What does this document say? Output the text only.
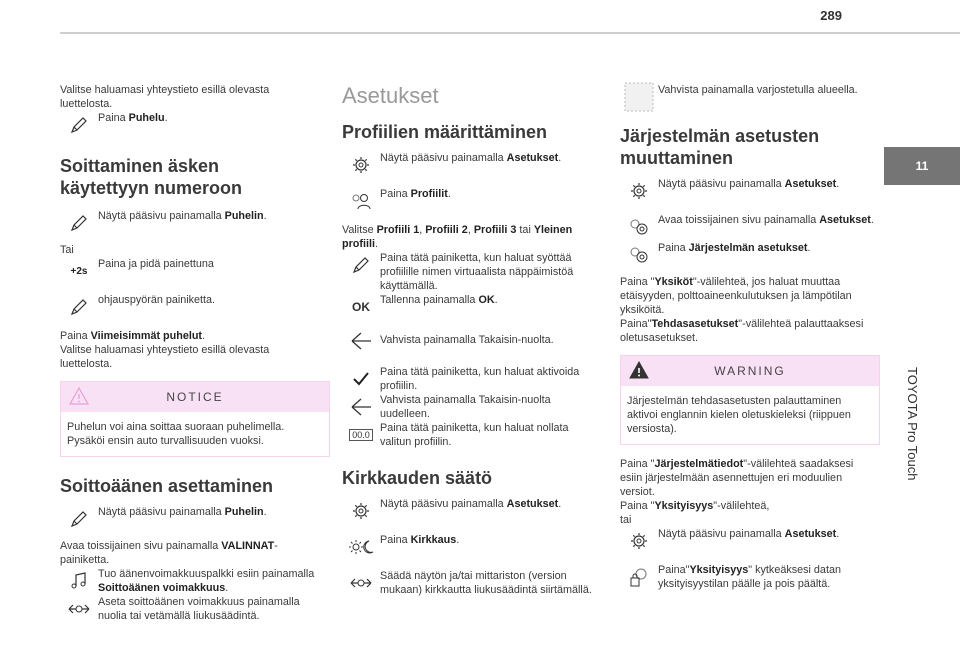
289
11
TOYOTA Pro Touch

Valitse haluamasi yhteystieto esillä olevasta luettelosta.

Paina Puhelu.
Soittaminen äsken käytettyyn numeroon
Näytä pääsivu painamalla Puhelin.

Tai

+2s
Paina ja pidä painettuna
ohjauspyörän painiketta.

Paina Viimeisimmät puhelut.

Valitse haluamasi yhteystieto esillä olevasta luettelosta.

NOTICE
Puhelun voi aina soittaa suoraan puhelimella. Pysäköi ensin auto turvallisuuden vuoksi.
Soittoäänen asettaminen
Näytä pääsivu painamalla Puhelin.

Avaa toissijainen sivu painamalla VALINNAT-painiketta.

Tuo äänenvoimakkuuspalkki esiin painamalla Soittoäänen voimakkuus.
Aseta soittoäänen voimakkuus painamalla nuolia tai vetämällä liukusäädintä.
Asetukset
Profiilien määrittäminen
Näytä pääsivu painamalla Asetukset.
Paina Profiilit.

Valitse Profiili 1, Profiili 2, Profiili 3 tai Yleinen profiili.

Paina tätä painiketta, kun haluat syöttää profiilille nimen virtuaalista näppäimistöä käyttämällä.
OK Tallenna painamalla OK.
Vahvista painamalla Takaisin-nuolta.
Paina tätä painiketta, kun haluat aktivoida profiilin.
Vahvista painamalla Takaisin-nuolta uudelleen.
00.0
Paina tätä painiketta, kun haluat nollata valitun profiilin.
Kirkkauden säätö
Näytä pääsivu painamalla Asetukset.
Paina Kirkkaus.
Säädä näytön ja/tai mittariston (version mukaan) kirkkautta liukusäädintä siirtämällä.
Vahvista painamalla varjostetulla alueella.
Järjestelmän asetusten muuttaminen
Näytä pääsivu painamalla Asetukset.
Avaa toissijainen sivu painamalla Asetukset.
Paina Järjestelmän asetukset.

Paina "Yksiköt"-välilehteä, jos haluat muuttaa etäisyyden, polttoaineenkulutuksen ja lämpötilan yksiköitä.

Paina"Tehdasasetukset"-välilehteä palauttaaksesi oletusasetukset.

WARNING
Järjestelmän tehdasasetusten palauttaminen aktivoi englannin kielen oletuskieleksi (riippuen versiosta).

Paina "Järjestelmätiedot"-välilehteä saadaksesi esiin järjestelmään asennettujen eri moduulien versiot.

Paina "Yksityisyys"-välilehteä,

tai

Näytä pääsivu painamalla Asetukset.
Paina"Yksityisyys" kytkeäksesi datan yksityisyystilan päälle ja pois päältä.
